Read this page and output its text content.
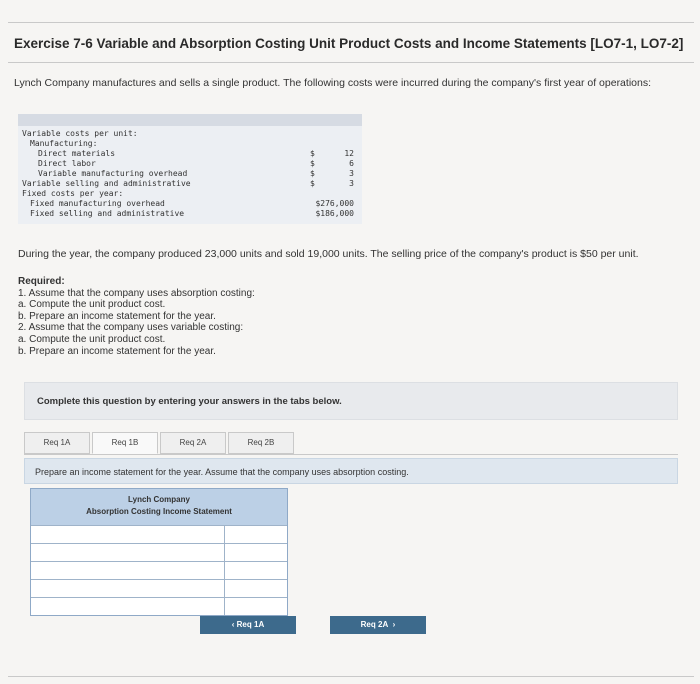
Exercise 7-6 Variable and Absorption Costing Unit Product Costs and Income Statements [LO7-1, LO7-2]
Lynch Company manufactures and sells a single product. The following costs were incurred during the company's first year of operations:
Variable costs per unit:
Manufacturing:
Direct materials	$	12
Direct labor	$	6
Variable manufacturing overhead	$	3
Variable selling and administrative	$	3
Fixed costs per year:
Fixed manufacturing overhead	$276,000
Fixed selling and administrative	$186,000
During the year, the company produced 23,000 units and sold 19,000 units. The selling price of the company's product is $50 per unit.
Required:
1. Assume that the company uses absorption costing:
a. Compute the unit product cost.
b. Prepare an income statement for the year.
2. Assume that the company uses variable costing:
a. Compute the unit product cost.
b. Prepare an income statement for the year.
Complete this question by entering your answers in the tabs below.
Req 1A	Req 1B	Req 2A	Req 2B
Prepare an income statement for the year. Assume that the company uses absorption costing.
Lynch Company
Absorption Costing Income Statement
‹ Req 1A	Req 2A  ›
